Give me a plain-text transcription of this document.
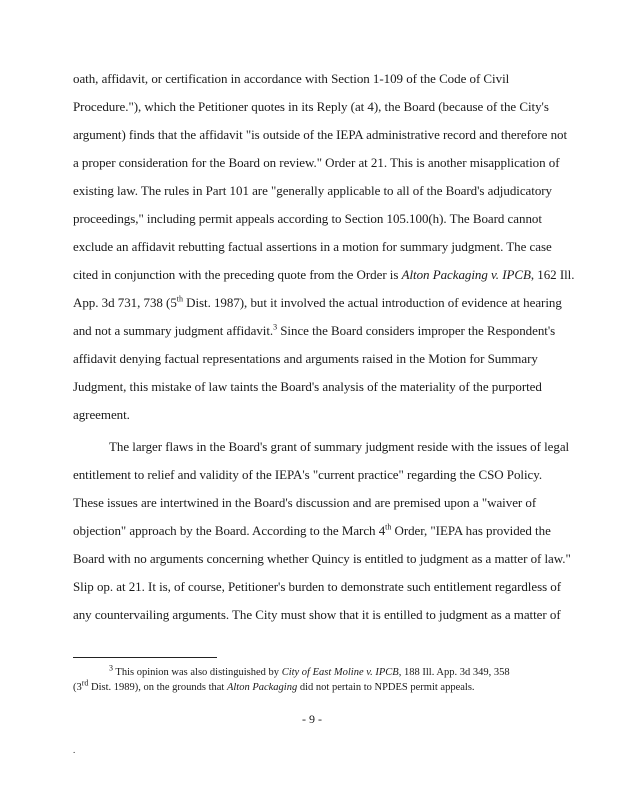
oath, affidavit, or certification in accordance with Section 1-109 of the Code of Civil
Procedure."), which the Petitioner quotes in its Reply (at 4), the Board (because of the City's
argument) finds that the affidavit "is outside of the IEPA administrative record and therefore not
a proper consideration for the Board on review." Order at 21. This is another misapplication of
existing law. The rules in Part 101 are "generally applicable to all of the Board's adjudicatory
proceedings," including permit appeals according to Section 105.100(h). The Board cannot
exclude an affidavit rebutting factual assertions in a motion for summary judgment. The case
cited in conjunction with the preceding quote from the Order is Alton Packaging v. IPCB, 162 Ill.
App. 3d 731, 738 (5th Dist. 1987), but it involved the actual introduction of evidence at hearing
and not a summary judgment affidavit.$^3$ Since the Board considers improper the Respondent's
affidavit denying factual representations and arguments raised in the Motion for Summary
Judgment, this mistake of law taints the Board's analysis of the materiality of the purported
agreement.
The larger flaws in the Board's grant of summary judgment reside with the issues of legal
entitlement to relief and validity of the IEPA's "current practice" regarding the CSO Policy.
These issues are intertwined in the Board's discussion and are premised upon a "waiver of
objection" approach by the Board. According to the March 4th Order, "IEPA has provided the
Board with no arguments concerning whether Quincy is entitled to judgment as a matter of law."
Slip op. at 21. It is, of course, Petitioner's burden to demonstrate such entitlement regardless of
any countervailing arguments. The City must show that it is entilled to judgment as a matter of
$^3$ This opinion was also distinguished by City of East Moline v. IPCB, 188 Ill. App. 3d 349, 358
(3rd Dist. 1989), on the grounds that Alton Packaging did not pertain to NPDES permit appeals.
- 9 -
.
